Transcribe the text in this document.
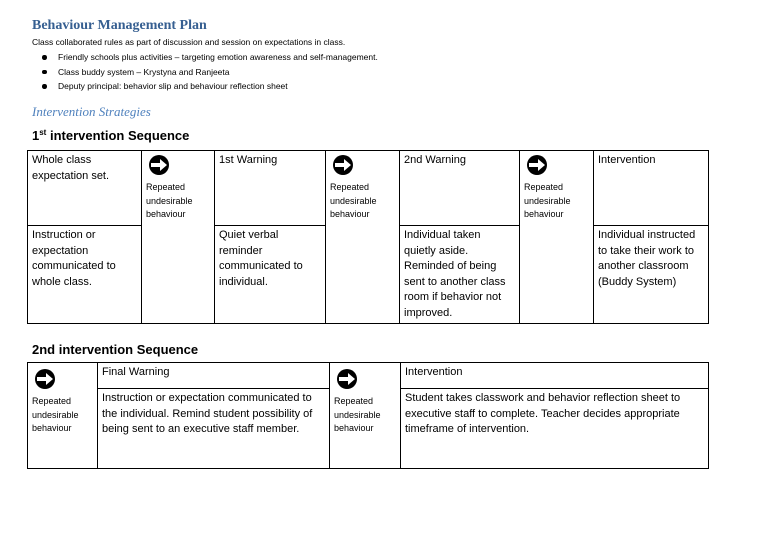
Behaviour Management Plan
Class collaborated rules as part of discussion and session on expectations in class.
Friendly schools plus activities – targeting emotion awareness and self-management.
Class buddy system – Krystyna and Ranjeeta
Deputy principal: behavior slip and behaviour reflection sheet
Intervention Strategies
1st intervention Sequence
Whole class expectation set.	Repeated undesirable behaviour	1st Warning	Repeated undesirable behaviour	2nd Warning	Repeated undesirable behaviour	Intervention
Instruction or expectation communicated to whole class.		Quiet verbal reminder communicated to individual.		Individual taken quietly aside. Reminded of being sent to another class room if behavior not improved.		Individual instructed to take their work to another classroom (Buddy System)
2nd intervention Sequence
Repeated undesirable behaviour	Final Warning	Repeated undesirable behaviour	Intervention
	Instruction or expectation communicated to the individual. Remind student possibility of being sent to an executive staff member.		Student takes classwork and behavior reflection sheet to executive staff to complete. Teacher decides appropriate timeframe of intervention.
